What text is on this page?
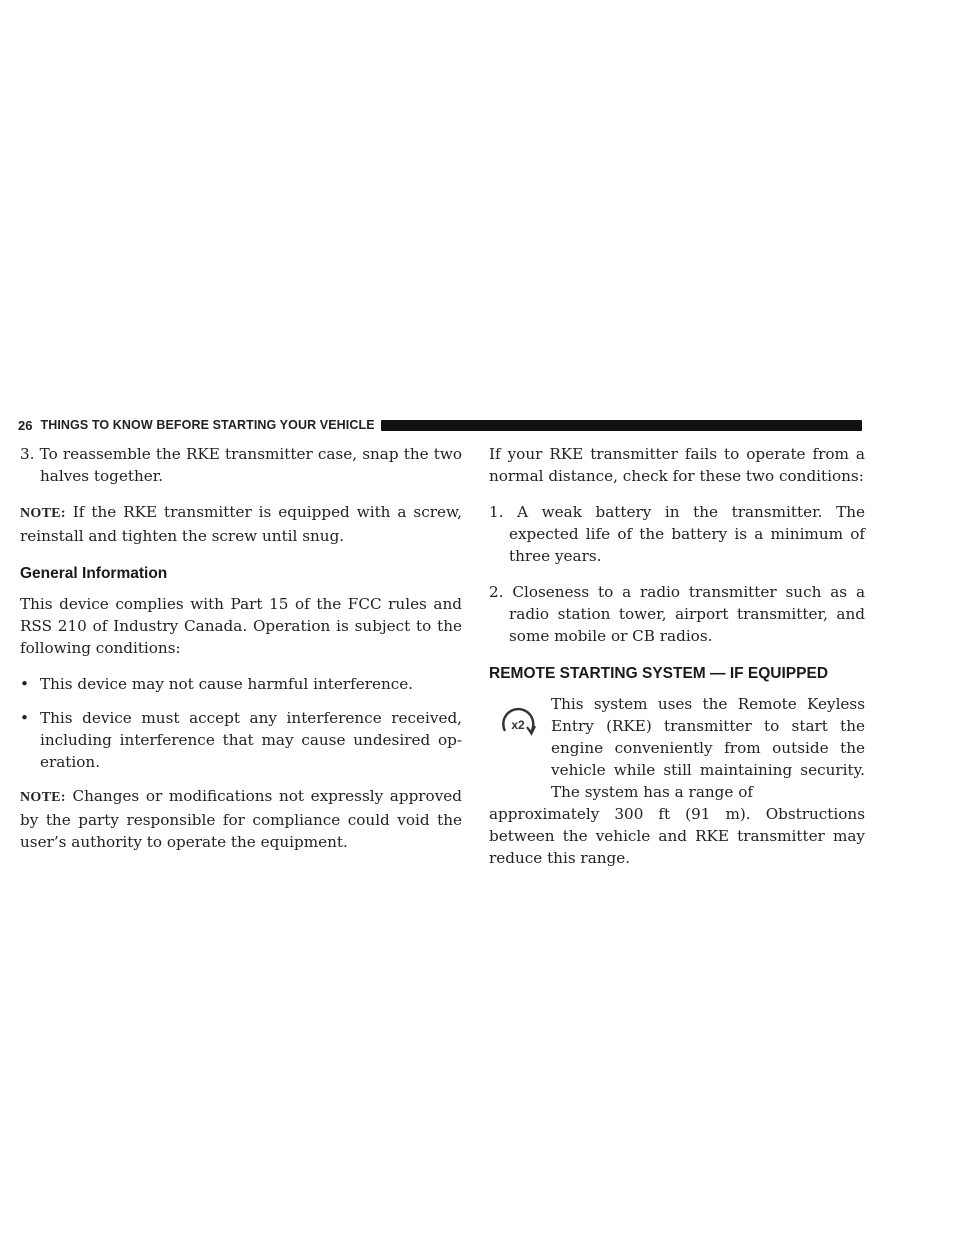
26 THINGS TO KNOW BEFORE STARTING YOUR VEHICLE

3. To reassemble the RKE transmitter case, snap the two halves together.

NOTE: If the RKE transmitter is equipped with a screw, reinstall and tighten the screw until snug.

General Information

This device complies with Part 15 of the FCC rules and RSS 210 of Industry Canada. Operation is subject to the following conditions:

• This device may not cause harmful interference.
• This device must accept any interference received, including interference that may cause undesired operation.

NOTE: Changes or modifications not expressly approved by the party responsible for compliance could void the user’s authority to operate the equipment.

If your RKE transmitter fails to operate from a normal distance, check for these two conditions:

1. A weak battery in the transmitter. The expected life of the battery is a minimum of three years.

2. Closeness to a radio transmitter such as a radio station tower, airport transmitter, and some mobile or CB radios.

REMOTE STARTING SYSTEM — IF EQUIPPED
x2
This system uses the Remote Keyless Entry (RKE) transmitter to start the engine conveniently from outside the vehicle while still maintaining security. The system has a range of
approximately 300 ft (91 m). Obstructions between the vehicle and RKE transmitter may reduce this range.
